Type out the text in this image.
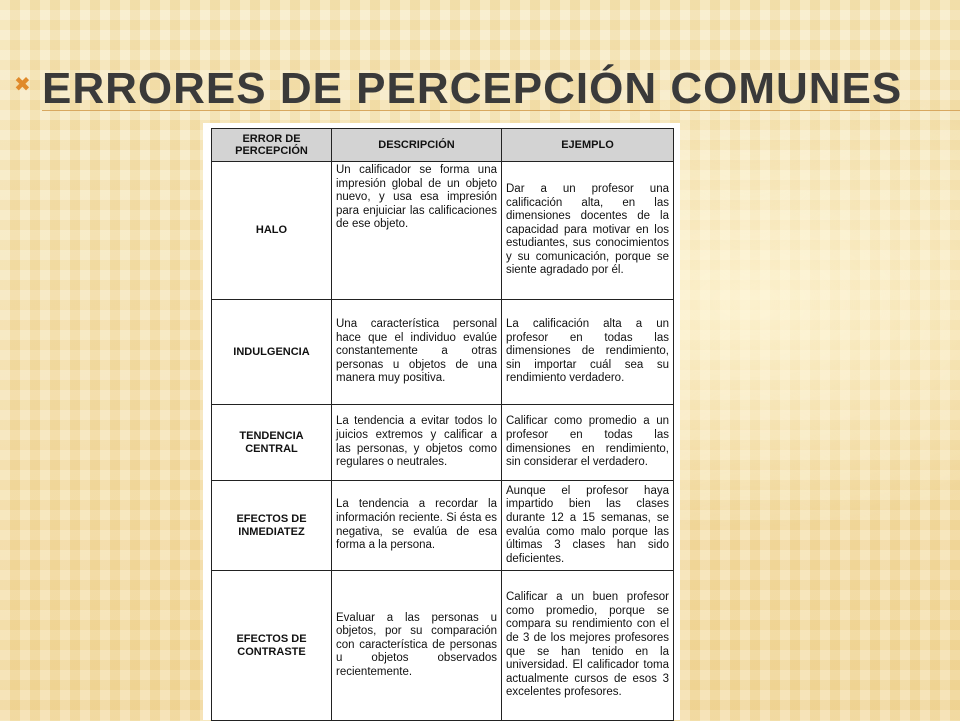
✖ ERRORES DE PERCEPCIÓN COMUNES
ERROR DE PERCEPCIÓN	DESCRIPCIÓN	EJEMPLO
HALO	Un calificador se forma una impresión global de un objeto nuevo, y usa esa impresión para enjuiciar las calificaciones de ese objeto.	Dar a un profesor una calificación alta, en las dimensiones docentes de la capacidad para motivar en los estudiantes, sus conocimientos y su comunicación, porque se siente agradado por él.
INDULGENCIA	Una característica personal hace que el individuo evalúe constantemente a otras personas u objetos de una manera muy positiva.	La calificación alta a un profesor en todas las dimensiones de rendimiento, sin importar cuál sea su rendimiento verdadero.
TENDENCIA CENTRAL	La tendencia a evitar todos lo juicios extremos y calificar a las personas, y objetos como regulares o neutrales.	Calificar como promedio a un profesor en todas las dimensiones en rendimiento, sin considerar el verdadero.
EFECTOS DE INMEDIATEZ	La tendencia a recordar la información reciente. Si ésta es negativa, se evalúa de esa forma a la persona.	Aunque el profesor haya impartido bien las clases durante 12 a 15 semanas, se evalúa como malo porque las últimas 3 clases han sido deficientes.
EFECTOS DE CONTRASTE	Evaluar a las personas u objetos, por su comparación con característica de personas u objetos observados recientemente.	Calificar a un buen profesor como promedio, porque se compara su rendimiento con el de 3 de los mejores profesores que se han tenido en la universidad. El calificador toma actualmente cursos de esos 3 excelentes profesores.
